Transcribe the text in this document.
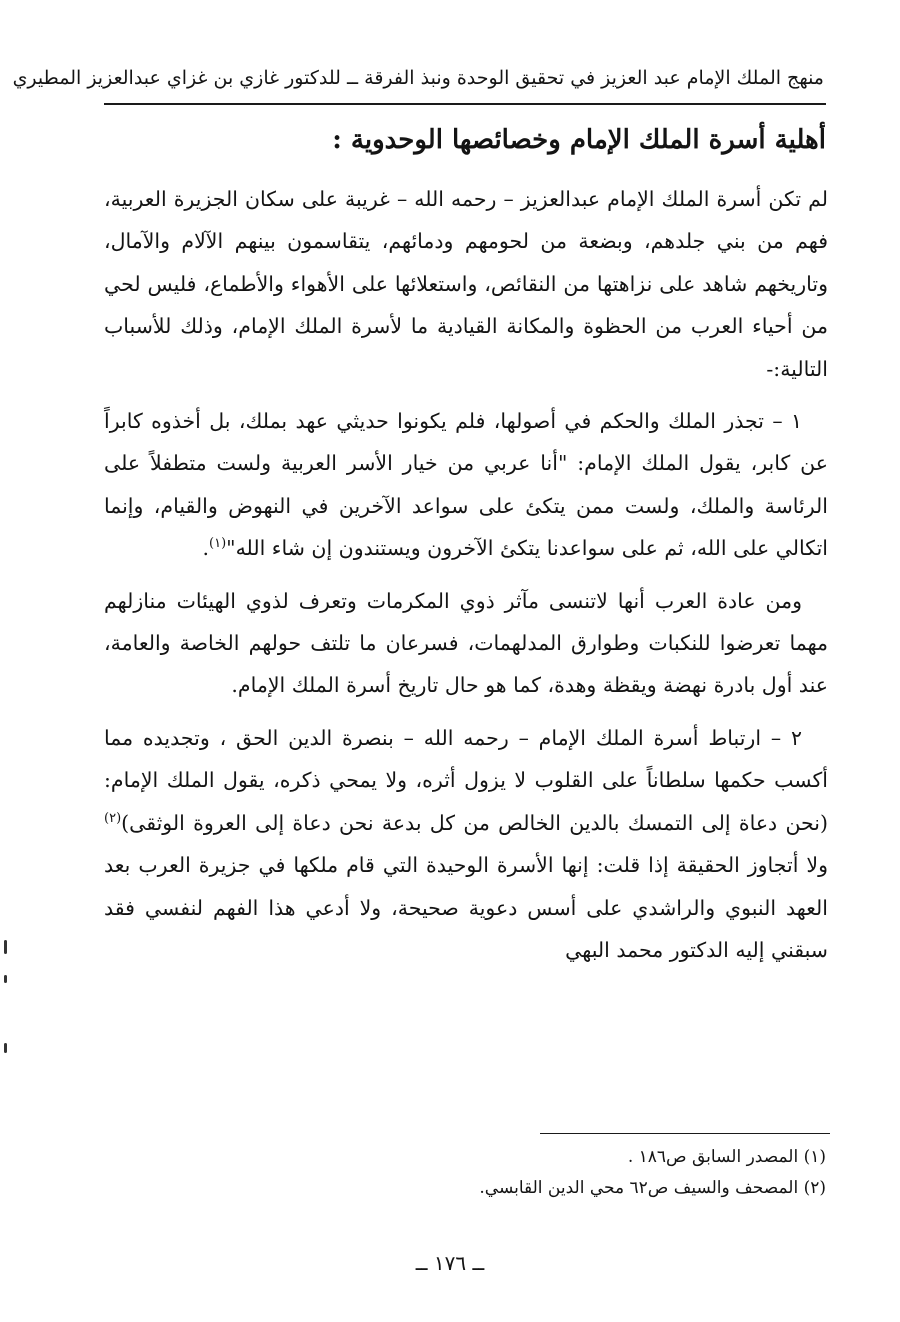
منهج الملك الإمام عبد العزيز في تحقيق الوحدة ونبذ الفرقة ــ للدكتور غازي بن غزاي عبدالعزيز المطيري
أهلية أسرة الملك الإمام وخصائصها الوحدوية :

لم تكن أسرة الملك الإمام عبدالعزيز – رحمه الله – غريبة على سكان الجزيرة العربية، فهم من بني جلدهم، وبضعة من لحومهم ودمائهم، يتقاسمون بينهم الآلام والآمال، وتاريخهم شاهد على نزاهتها من النقائص، واستعلائها على الأهواء والأطماع، فليس لحي من أحياء العرب من الحظوة والمكانة القيادية ما لأسرة الملك الإمام، وذلك للأسباب التالية:-

١ – تجذر الملك والحكم في أصولها، فلم يكونوا حديثي عهد بملك، بل أخذوه كابراً عن كابر، يقول الملك الإمام: "أنا عربي من خيار الأسر العربية ولست متطفلاً على الرئاسة والملك، ولست ممن يتكئ على سواعد الآخرين في النهوض والقيام، وإنما اتكالي على الله، ثم على سواعدنا يتكئ الآخرون ويستندون إن شاء الله"$^{(١)}$.

ومن عادة العرب أنها لاتنسى مآثر ذوي المكرمات وتعرف لذوي الهيئات منازلهم مهما تعرضوا للنكبات وطوارق المدلهمات، فسرعان ما تلتف حولهم الخاصة والعامة، عند أول بادرة نهضة ويقظة وهدة، كما هو حال تاريخ أسرة الملك الإمام.

٢ – ارتباط أسرة الملك الإمام – رحمه الله – بنصرة الدين الحق ، وتجديده مما أكسب حكمها سلطاناً على القلوب لا يزول أثره، ولا يمحي ذكره، يقول الملك الإمام: (نحن دعاة إلى التمسك بالدين الخالص من كل بدعة نحن دعاة إلى العروة الوثقى)$^{(٢)}$ ولا أتجاوز الحقيقة إذا قلت: إنها الأسرة الوحيدة التي قام ملكها في جزيرة العرب بعد العهد النبوي والراشدي على أسس دعوية صحيحة، ولا أدعي هذا الفهم لنفسي فقد سبقني إليه الدكتور محمد البهي

(١) المصدر السابق ص١٨٦ .
(٢) المصحف والسيف ص٦٢ محي الدين القابسي.
ــ ١٧٦ ــ
